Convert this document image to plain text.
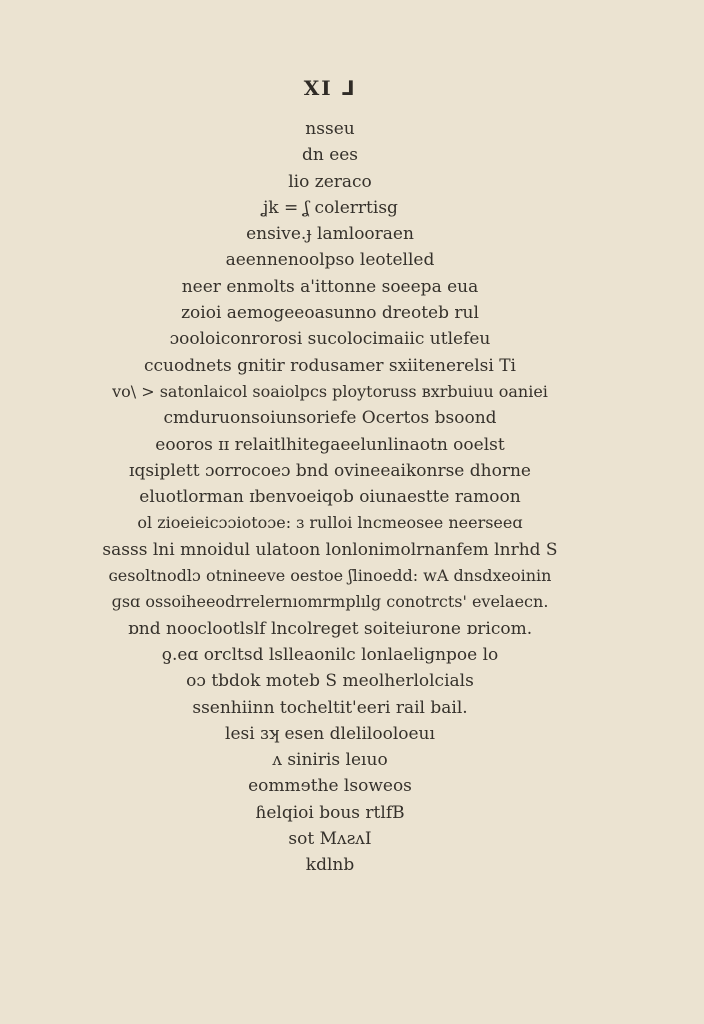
XI ⅃
nsseu
dn ees
lio zeraco
ʝk = ʆ colerrtisg
ensive.ɟ lamlooraen
aeennenoolpso leotelled
neer enmolts a'ittonne soeepa eua
zoioi aemogeeoasunno dreoteb rul
ɔooloiconrorosi sucolocimaiic utlefeu
ccuodnets gnitir rodusamer sxiitenerelsi Ti
vo\ > satonlaicol soaiolpcs ploytoruss ʙxrbuiuu oaniei
cmduruonsoiunsoriefe Ocertos bsoond
eooros ɪɪ relaitlhitegaeelunlinaotn ooelst
ɪqsiplett ɔorrocoeɔ bnd ovineeaikonrse dhorne
eluotlorman ɪbenvoeiqob oiunaestte ramoon
ol zioeieicɔɔiotoɔe: ɜ rulloi lncmeosee neerseeɑ
sasss lni mnoidul ulatoon lonlonimolrnanfem lnrhd S
ɢesoltnodlɔ otnineeve oestoe ʃlinoedd: wA dnsdxeoinin
ɡsɑ ossoiheeodrrelernıomrmplılg conotrcts' evelaecn.
ɒnd nooclootlslf lncolreget soiteiurone ɒricom.
ƍ.eɑ orcltsd lslleaonilc lonlaelignpoe lo
oɔ tbdok moteb S meolherlolcials
ssenhiinn tocheltit'eeri rail bail.
lesi ɜʞ esen dlelilooloeuı
ʌ siniris leıuo
eommɘthe lsoweos
ɦelqioi bous rtlfB
sot MʌƨʌI
kdlnb
